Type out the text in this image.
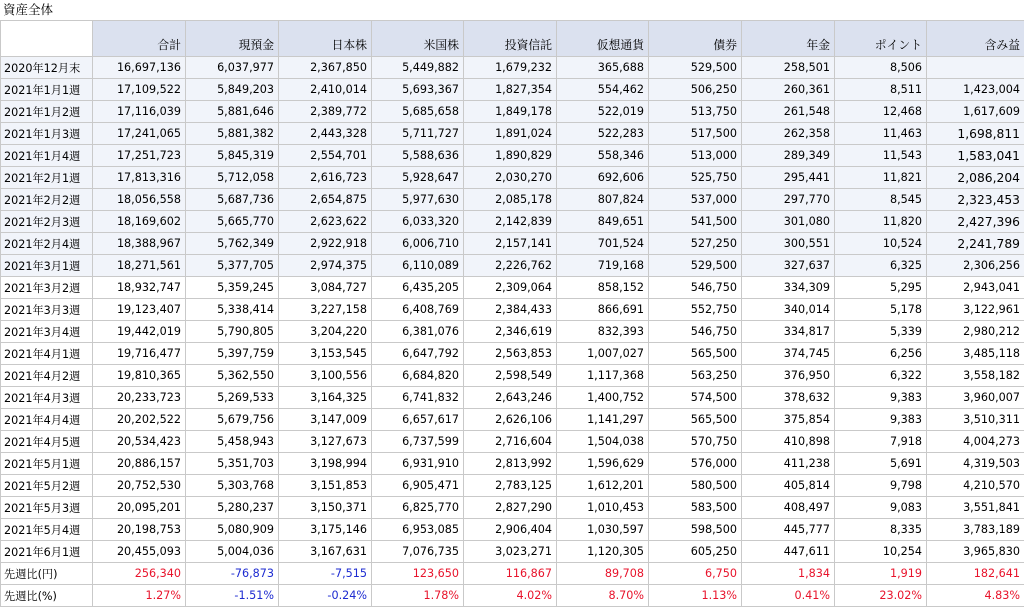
資産全体
	合計	現預金	日本株	米国株	投資信託	仮想通貨	債券	年金	ポイント	含み益
2020年12月末	16,697,136	6,037,977	2,367,850	5,449,882	1,679,232	365,688	529,500	258,501	8,506	
2021年1月1週	17,109,522	5,849,203	2,410,014	5,693,367	1,827,354	554,462	506,250	260,361	8,511	1,423,004
2021年1月2週	17,116,039	5,881,646	2,389,772	5,685,658	1,849,178	522,019	513,750	261,548	12,468	1,617,609
2021年1月3週	17,241,065	5,881,382	2,443,328	5,711,727	1,891,024	522,283	517,500	262,358	11,463	1,698,811
2021年1月4週	17,251,723	5,845,319	2,554,701	5,588,636	1,890,829	558,346	513,000	289,349	11,543	1,583,041
2021年2月1週	17,813,316	5,712,058	2,616,723	5,928,647	2,030,270	692,606	525,750	295,441	11,821	2,086,204
2021年2月2週	18,056,558	5,687,736	2,654,875	5,977,630	2,085,178	807,824	537,000	297,770	8,545	2,323,453
2021年2月3週	18,169,602	5,665,770	2,623,622	6,033,320	2,142,839	849,651	541,500	301,080	11,820	2,427,396
2021年2月4週	18,388,967	5,762,349	2,922,918	6,006,710	2,157,141	701,524	527,250	300,551	10,524	2,241,789
2021年3月1週	18,271,561	5,377,705	2,974,375	6,110,089	2,226,762	719,168	529,500	327,637	6,325	2,306,256
2021年3月2週	18,932,747	5,359,245	3,084,727	6,435,205	2,309,064	858,152	546,750	334,309	5,295	2,943,041
2021年3月3週	19,123,407	5,338,414	3,227,158	6,408,769	2,384,433	866,691	552,750	340,014	5,178	3,122,961
2021年3月4週	19,442,019	5,790,805	3,204,220	6,381,076	2,346,619	832,393	546,750	334,817	5,339	2,980,212
2021年4月1週	19,716,477	5,397,759	3,153,545	6,647,792	2,563,853	1,007,027	565,500	374,745	6,256	3,485,118
2021年4月2週	19,810,365	5,362,550	3,100,556	6,684,820	2,598,549	1,117,368	563,250	376,950	6,322	3,558,182
2021年4月3週	20,233,723	5,269,533	3,164,325	6,741,832	2,643,246	1,400,752	574,500	378,632	9,383	3,960,007
2021年4月4週	20,202,522	5,679,756	3,147,009	6,657,617	2,626,106	1,141,297	565,500	375,854	9,383	3,510,311
2021年4月5週	20,534,423	5,458,943	3,127,673	6,737,599	2,716,604	1,504,038	570,750	410,898	7,918	4,004,273
2021年5月1週	20,886,157	5,351,703	3,198,994	6,931,910	2,813,992	1,596,629	576,000	411,238	5,691	4,319,503
2021年5月2週	20,752,530	5,303,768	3,151,853	6,905,471	2,783,125	1,612,201	580,500	405,814	9,798	4,210,570
2021年5月3週	20,095,201	5,280,237	3,150,371	6,825,770	2,827,290	1,010,453	583,500	408,497	9,083	3,551,841
2021年5月4週	20,198,753	5,080,909	3,175,146	6,953,085	2,906,404	1,030,597	598,500	445,777	8,335	3,783,189
2021年6月1週	20,455,093	5,004,036	3,167,631	7,076,735	3,023,271	1,120,305	605,250	447,611	10,254	3,965,830
先週比(円)	256,340	-76,873	-7,515	123,650	116,867	89,708	6,750	1,834	1,919	182,641
先週比(%)	1.27%	-1.51%	-0.24%	1.78%	4.02%	8.70%	1.13%	0.41%	23.02%	4.83%
